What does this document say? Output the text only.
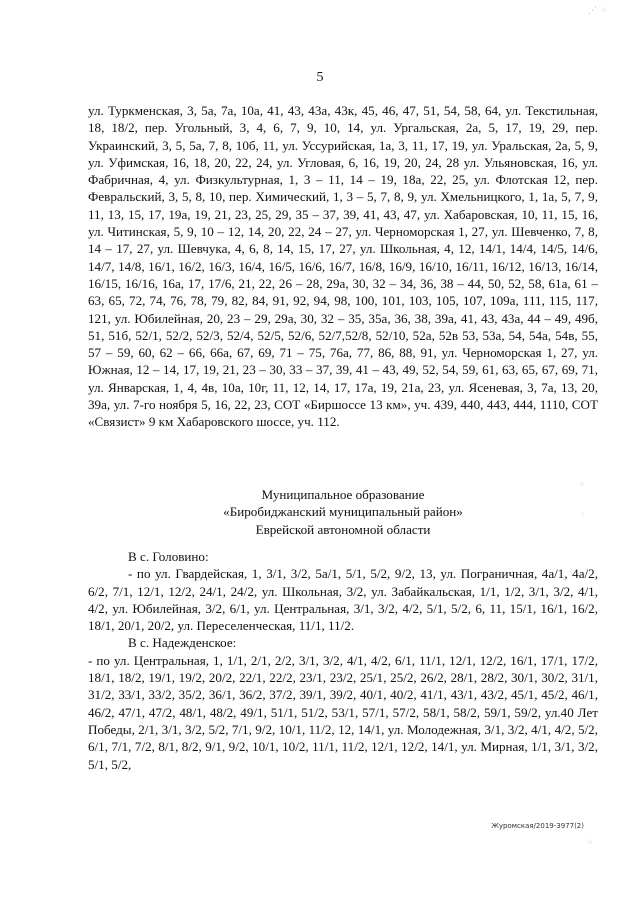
5

ул. Туркменская, 3, 5а, 7а, 10а, 41, 43, 43а, 43к, 45, 46, 47, 51, 54, 58, 64, ул. Текстильная, 18, 18/2, пер. Угольный, 3, 4, 6, 7, 9, 10, 14, ул. Ургальская, 2а, 5, 17, 19, 29, пер. Украинский, 3, 5, 5а, 7, 8, 10б, 11, ул. Уссурийская, 1а, 3, 11, 17, 19, ул. Уральская, 2а, 5, 9, ул. Уфимская, 16, 18, 20, 22, 24, ул. Угловая, 6, 16, 19, 20, 24, 28 ул. Ульяновская, 16, ул. Фабричная, 4, ул. Физкультурная, 1, 3 – 11, 14 – 19, 18а, 22, 25, ул. Флотская 12, пер. Февральский, 3, 5, 8, 10, пер. Химический, 1, 3 – 5, 7, 8, 9, ул. Хмельницкого, 1, 1а, 5, 7, 9, 11, 13, 15, 17, 19а, 19, 21, 23, 25, 29, 35 – 37, 39, 41, 43, 47, ул. Хабаровская, 10, 11, 15, 16, ул. Читинская, 5, 9, 10 – 12, 14, 20, 22, 24 – 27, ул. Черноморская 1, 27, ул. Шевченко, 7, 8, 14 – 17, 27, ул. Шевчука, 4, 6, 8, 14, 15, 17, 27, ул. Школьная, 4, 12, 14/1, 14/4, 14/5, 14/6, 14/7, 14/8, 16/1, 16/2, 16/3, 16/4, 16/5, 16/6, 16/7, 16/8, 16/9, 16/10, 16/11, 16/12, 16/13, 16/14, 16/15, 16/16, 16а, 17, 17/6, 21, 22, 26 – 28, 29а, 30, 32 – 34, 36, 38 – 44, 50, 52, 58, 61а, 61 – 63, 65, 72, 74, 76, 78, 79, 82, 84, 91, 92, 94, 98, 100, 101, 103, 105, 107, 109а, 111, 115, 117, 121, ул. Юбилейная, 20, 23 – 29, 29а, 30, 32 – 35, 35а, 36, 38, 39а, 41, 43, 43а, 44 – 49, 49б, 51, 51б, 52/1, 52/2, 52/3, 52/4, 52/5, 52/6, 52/7,52/8, 52/10, 52а, 52в 53, 53а, 54, 54а, 54в, 55, 57 – 59, 60, 62 – 66, 66а, 67, 69, 71 – 75, 76а, 77, 86, 88, 91, ул. Черноморская 1, 27, ул. Южная, 12 – 14, 17, 19, 21, 23 – 30, 33 – 37, 39, 41 – 43, 49, 52, 54, 59, 61, 63, 65, 67, 69, 71, ул. Январская, 1, 4, 4в, 10а, 10г, 11, 12, 14, 17, 17а, 19, 21а, 23, ул. Ясеневая, 3, 7а, 13, 20, 39а, ул. 7-го ноября 5, 16, 22, 23, СОТ «Биршоссе 13 км», уч. 439, 440, 443, 444, 1110, СОТ «Связист» 9 км Хабаровского шоссе, уч. 112.

Муниципальное образование
«Биробиджанский муниципальный район»
Еврейской автономной области

В с. Головино:

- по ул. Гвардейская, 1, 3/1, 3/2, 5а/1, 5/1, 5/2, 9/2, 13, ул. Пограничная, 4а/1, 4а/2, 6/2, 7/1, 12/1, 12/2, 24/1, 24/2, ул. Школьная, 3/2, ул. Забайкальская, 1/1, 1/2, 3/1, 3/2, 4/1, 4/2, ул. Юбилейная, 3/2, 6/1, ул. Центральная, 3/1, 3/2, 4/2, 5/1, 5/2, 6, 11, 15/1, 16/1, 16/2, 18/1, 20/1, 20/2, ул. Переселенческая, 11/1, 11/2.

В с. Надежденское:

- по ул. Центральная, 1, 1/1, 2/1, 2/2, 3/1, 3/2, 4/1, 4/2, 6/1, 11/1, 12/1, 12/2, 16/1, 17/1, 17/2, 18/1, 18/2, 19/1, 19/2, 20/2, 22/1, 22/2, 23/1, 23/2, 25/1, 25/2, 26/2, 28/1, 28/2, 30/1, 30/2, 31/1, 31/2, 33/1, 33/2, 35/2, 36/1, 36/2, 37/2, 39/1, 39/2, 40/1, 40/2, 41/1, 43/1, 43/2, 45/1, 45/2, 46/1, 46/2, 47/1, 47/2, 48/1, 48/2, 49/1, 51/1, 51/2, 53/1, 57/1, 57/2, 58/1, 58/2, 59/1, 59/2, ул.40 Лет Победы, 2/1, 3/1, 3/2, 5/2, 7/1, 9/2, 10/1, 11/2, 12, 14/1, ул. Молодежная, 3/1, 3/2, 4/1, 4/2, 5/2, 6/1, 7/1, 7/2, 8/1, 8/2, 9/1, 9/2, 10/1, 10/2, 11/1, 11/2, 12/1, 12/2, 14/1, ул. Мирная, 1/1, 3/1, 3/2, 5/1, 5/2,

Журомская/2019-3977(2)
⋰ ⁘
⁘
⁖
⁘
